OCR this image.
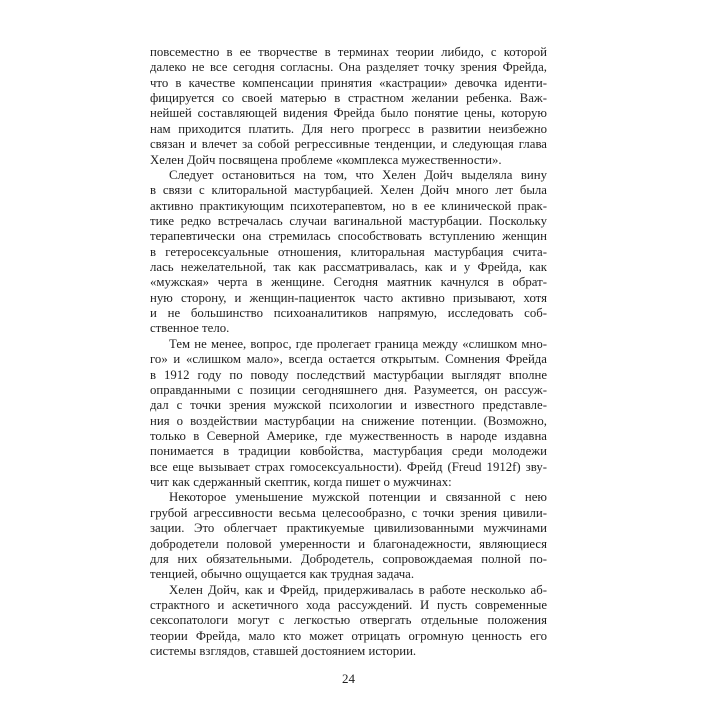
повсеместно в ее творчестве в терминах теории либидо, с которой
далеко не все сегодня согласны. Она разделяет точку зрения Фрейда,
что в качестве компенсации принятия «кастрации» девочка иденти-
фицируется со своей матерью в страстном желании ребенка. Важ-
нейшей составляющей видения Фрейда было понятие цены, которую
нам приходится платить. Для него прогресс в развитии неизбежно
связан и влечет за собой регрессивные тенденции, и следующая глава
Хелен Дойч посвящена проблеме «комплекса мужественности».
Следует остановиться на том, что Хелен Дойч выделяла вину
в связи с клиторальной мастурбацией. Хелен Дойч много лет была
активно практикующим психотерапевтом, но в ее клинической прак-
тике редко встречалась случаи вагинальной мастурбации. Поскольку
терапевтически она стремилась способствовать вступлению женщин
в гетеросексуальные отношения, клиторальная мастурбация счита-
лась нежелательной, так как рассматривалась, как и у Фрейда, как
«мужская» черта в женщине. Сегодня маятник качнулся в обрат-
ную сторону, и женщин-пациенток часто активно призывают, хотя
и не большинство психоаналитиков напрямую, исследовать соб-
ственное тело.
Тем не менее, вопрос, где пролегает граница между «слишком мно-
го» и «слишком мало», всегда остается открытым. Сомнения Фрейда
в 1912 году по поводу последствий мастурбации выглядят вполне
оправданными с позиции сегодняшнего дня. Разумеется, он рассуж-
дал с точки зрения мужской психологии и известного представле-
ния о воздействии мастурбации на снижение потенции. (Возможно,
только в Северной Америке, где мужественность в народе издавна
понимается в традиции ковбойства, мастурбация среди молодежи
все еще вызывает страх гомосексуальности). Фрейд (Freud 1912f) зву-
чит как сдержанный скептик, когда пишет о мужчинах:
Некоторое уменьшение мужской потенции и связанной с нею
грубой агрессивности весьма целесообразно, с точки зрения цивили-
зации. Это облегчает практикуемые цивилизованными мужчинами
добродетели половой умеренности и благонадежности, являющиеся
для них обязательными. Добродетель, сопровождаемая полной по-
тенцией, обычно ощущается как трудная задача.
Хелен Дойч, как и Фрейд, придерживалась в работе несколько аб-
страктного и аскетичного хода рассуждений. И пусть современные
сексопатологи могут с легкостью отвергать отдельные положения
теории Фрейда, мало кто может отрицать огромную ценность его
системы взглядов, ставшей достоянием истории.
24
